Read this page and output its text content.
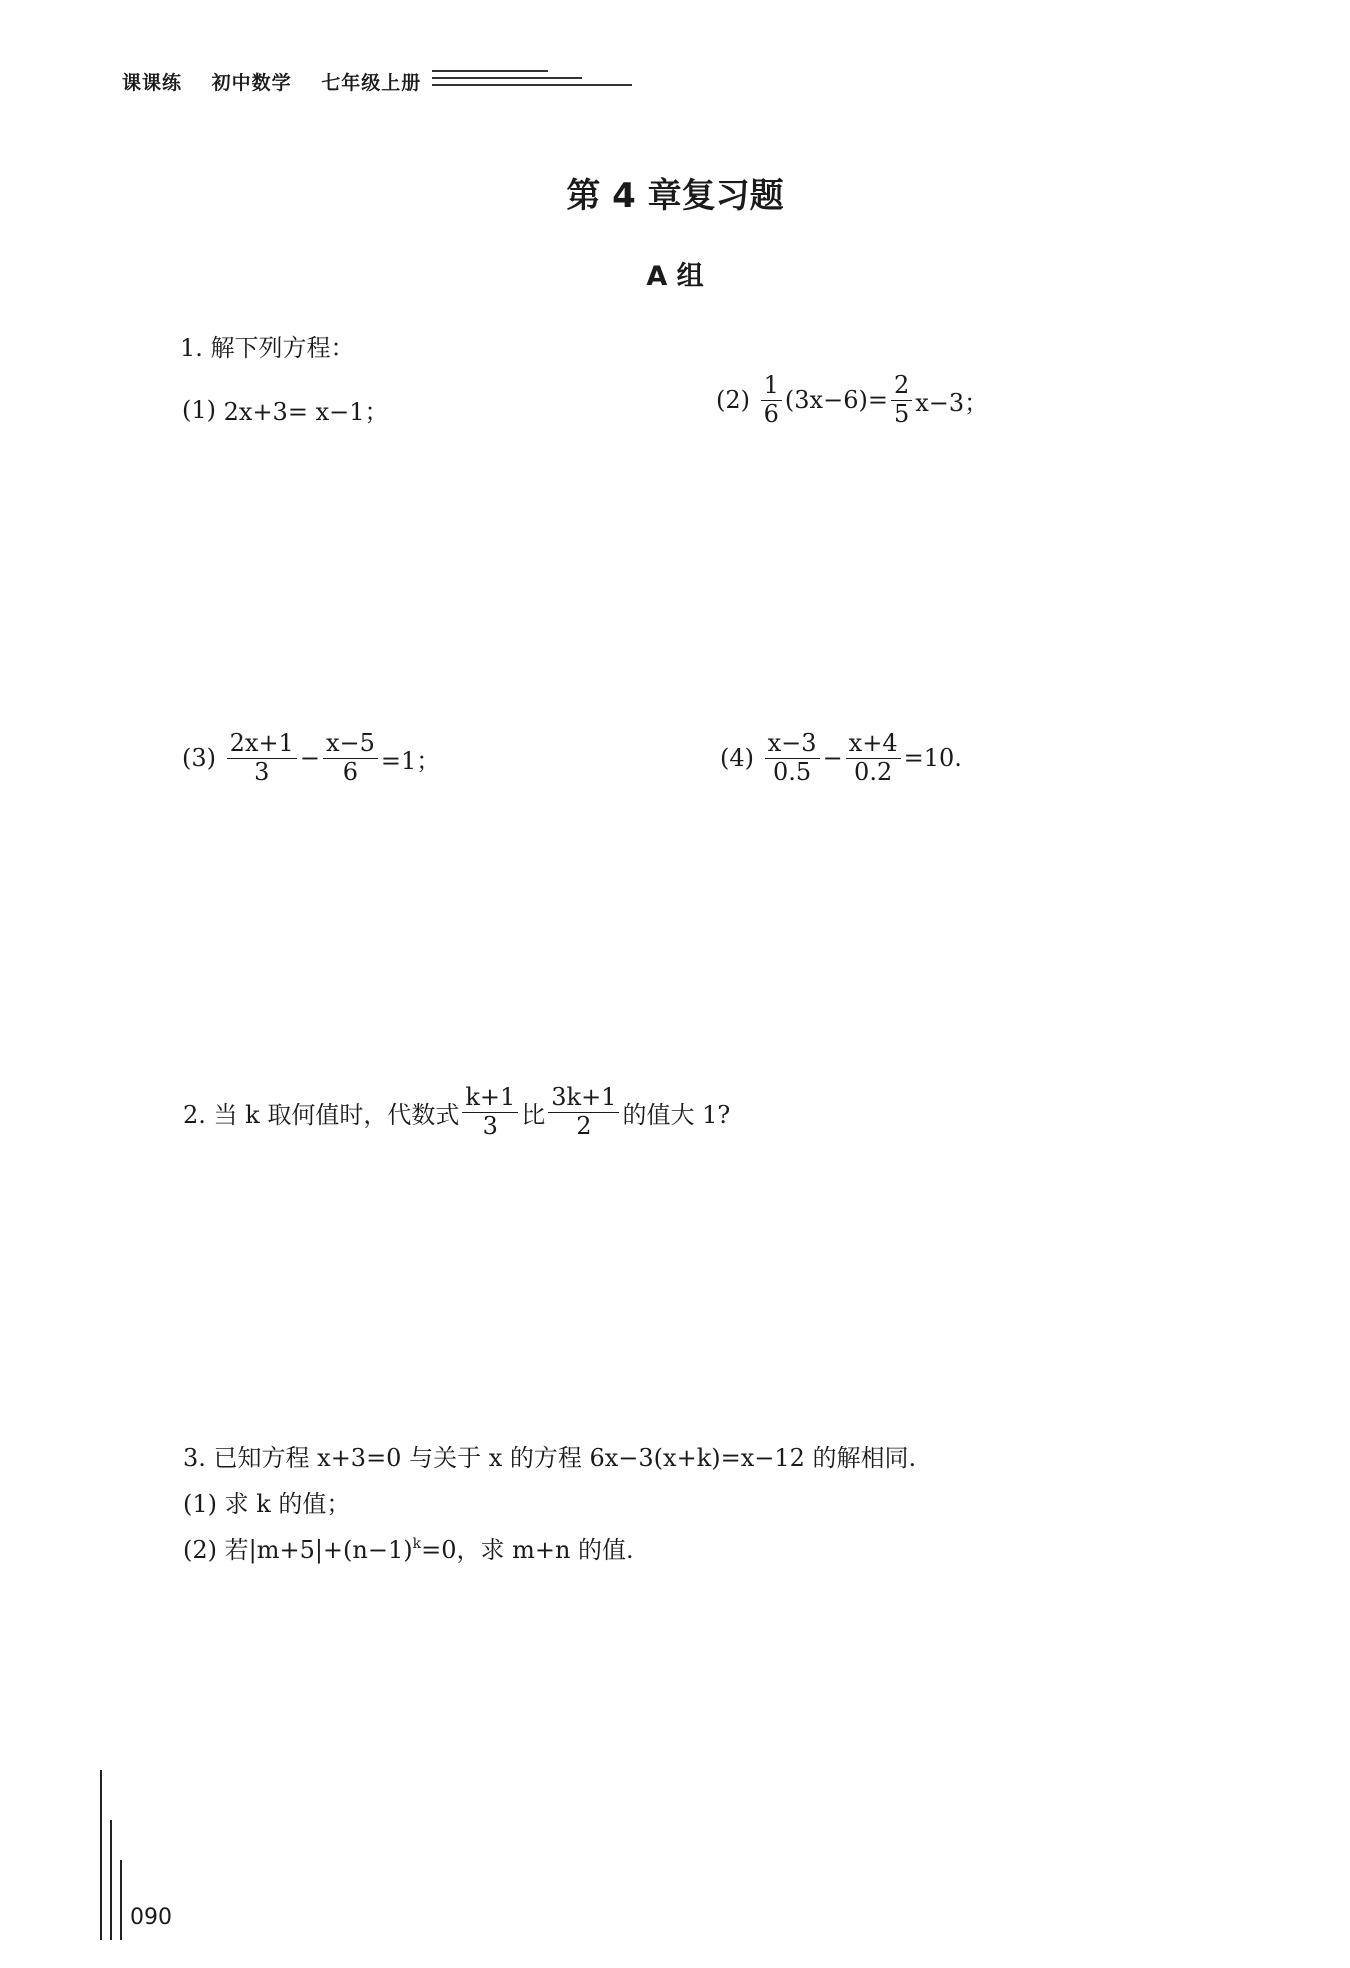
课课练 初中数学 七年级上册
第 4 章复习题
A 组
1. 解下列方程：
(1)
2x+3= x−1；	(2)
$\frac{1}{6} (3x-6)= \frac{2}{5} x-3$；
(3)
$\frac{2x+1}{3} - \frac{x-5}{6} =1$；	(4)
$\frac{x-3}{0.5} - \frac{x+4}{0.2} =10$.
2. 当 k 取何值时，代数式 $\frac{k+1}{3}$ 比 $\frac{3k+1}{2}$ 的值大 1?
3. 已知方程 x+3=0 与关于 x 的方程 6x−3(x+k)=x−12 的解相同.
(1) 求 k 的值；
(2) 若$|m+5|+(n-1)^k=0$，求 m+n 的值.
090
